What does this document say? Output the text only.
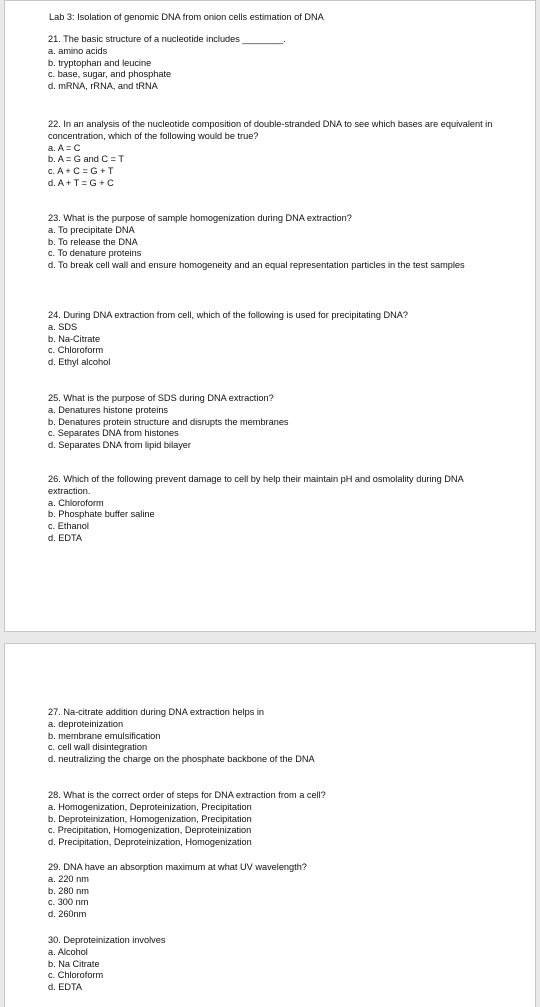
Lab 3: Isolation of genomic DNA from onion cells estimation of DNA
21. The basic structure of a nucleotide includes ________.
a. amino acids
b. tryptophan and leucine
c. base, sugar, and phosphate
d. mRNA, rRNA, and tRNA
22. In an analysis of the nucleotide composition of double-stranded DNA to see which bases are equivalent in concentration, which of the following would be true?
a. A = C
b. A = G and C = T
c. A + C = G + T
d. A + T = G + C
23. What is the purpose of sample homogenization during DNA extraction?
a. To precipitate DNA
b. To release the DNA
c. To denature proteins
d. To break cell wall and ensure homogeneity and an equal representation particles in the test samples
24. During DNA extraction from cell, which of the following is used for precipitating DNA?
a. SDS
b. Na-Citrate
c. Chloroform
d. Ethyl alcohol
25. What is the purpose of SDS during DNA extraction?
a. Denatures histone proteins
b. Denatures protein structure and disrupts the membranes
c. Separates DNA from histones
d. Separates DNA from lipid bilayer
26. Which of the following prevent damage to cell by help their maintain pH and osmolality during DNA extraction.
a. Chloroform
b. Phosphate buffer saline
c. Ethanol
d. EDTA
27. Na-citrate addition during DNA extraction helps in
a. deproteinization
b. membrane emulsification
c. cell wall disintegration
d. neutralizing the charge on the phosphate backbone of the DNA
28. What is the correct order of steps for DNA extraction from a cell?
a. Homogenization, Deproteinization, Precipitation
b. Deproteinization, Homogenization, Precipitation
c. Precipitation, Homogenization, Deproteinization
d. Precipitation, Deproteinization, Homogenization
29. DNA have an absorption maximum at what UV wavelength?
a. 220 nm
b. 280 nm
c. 300 nm
d. 260nm
30. Deproteinization involves
a. Alcohol
b. Na Citrate
c. Chloroform
d. EDTA
